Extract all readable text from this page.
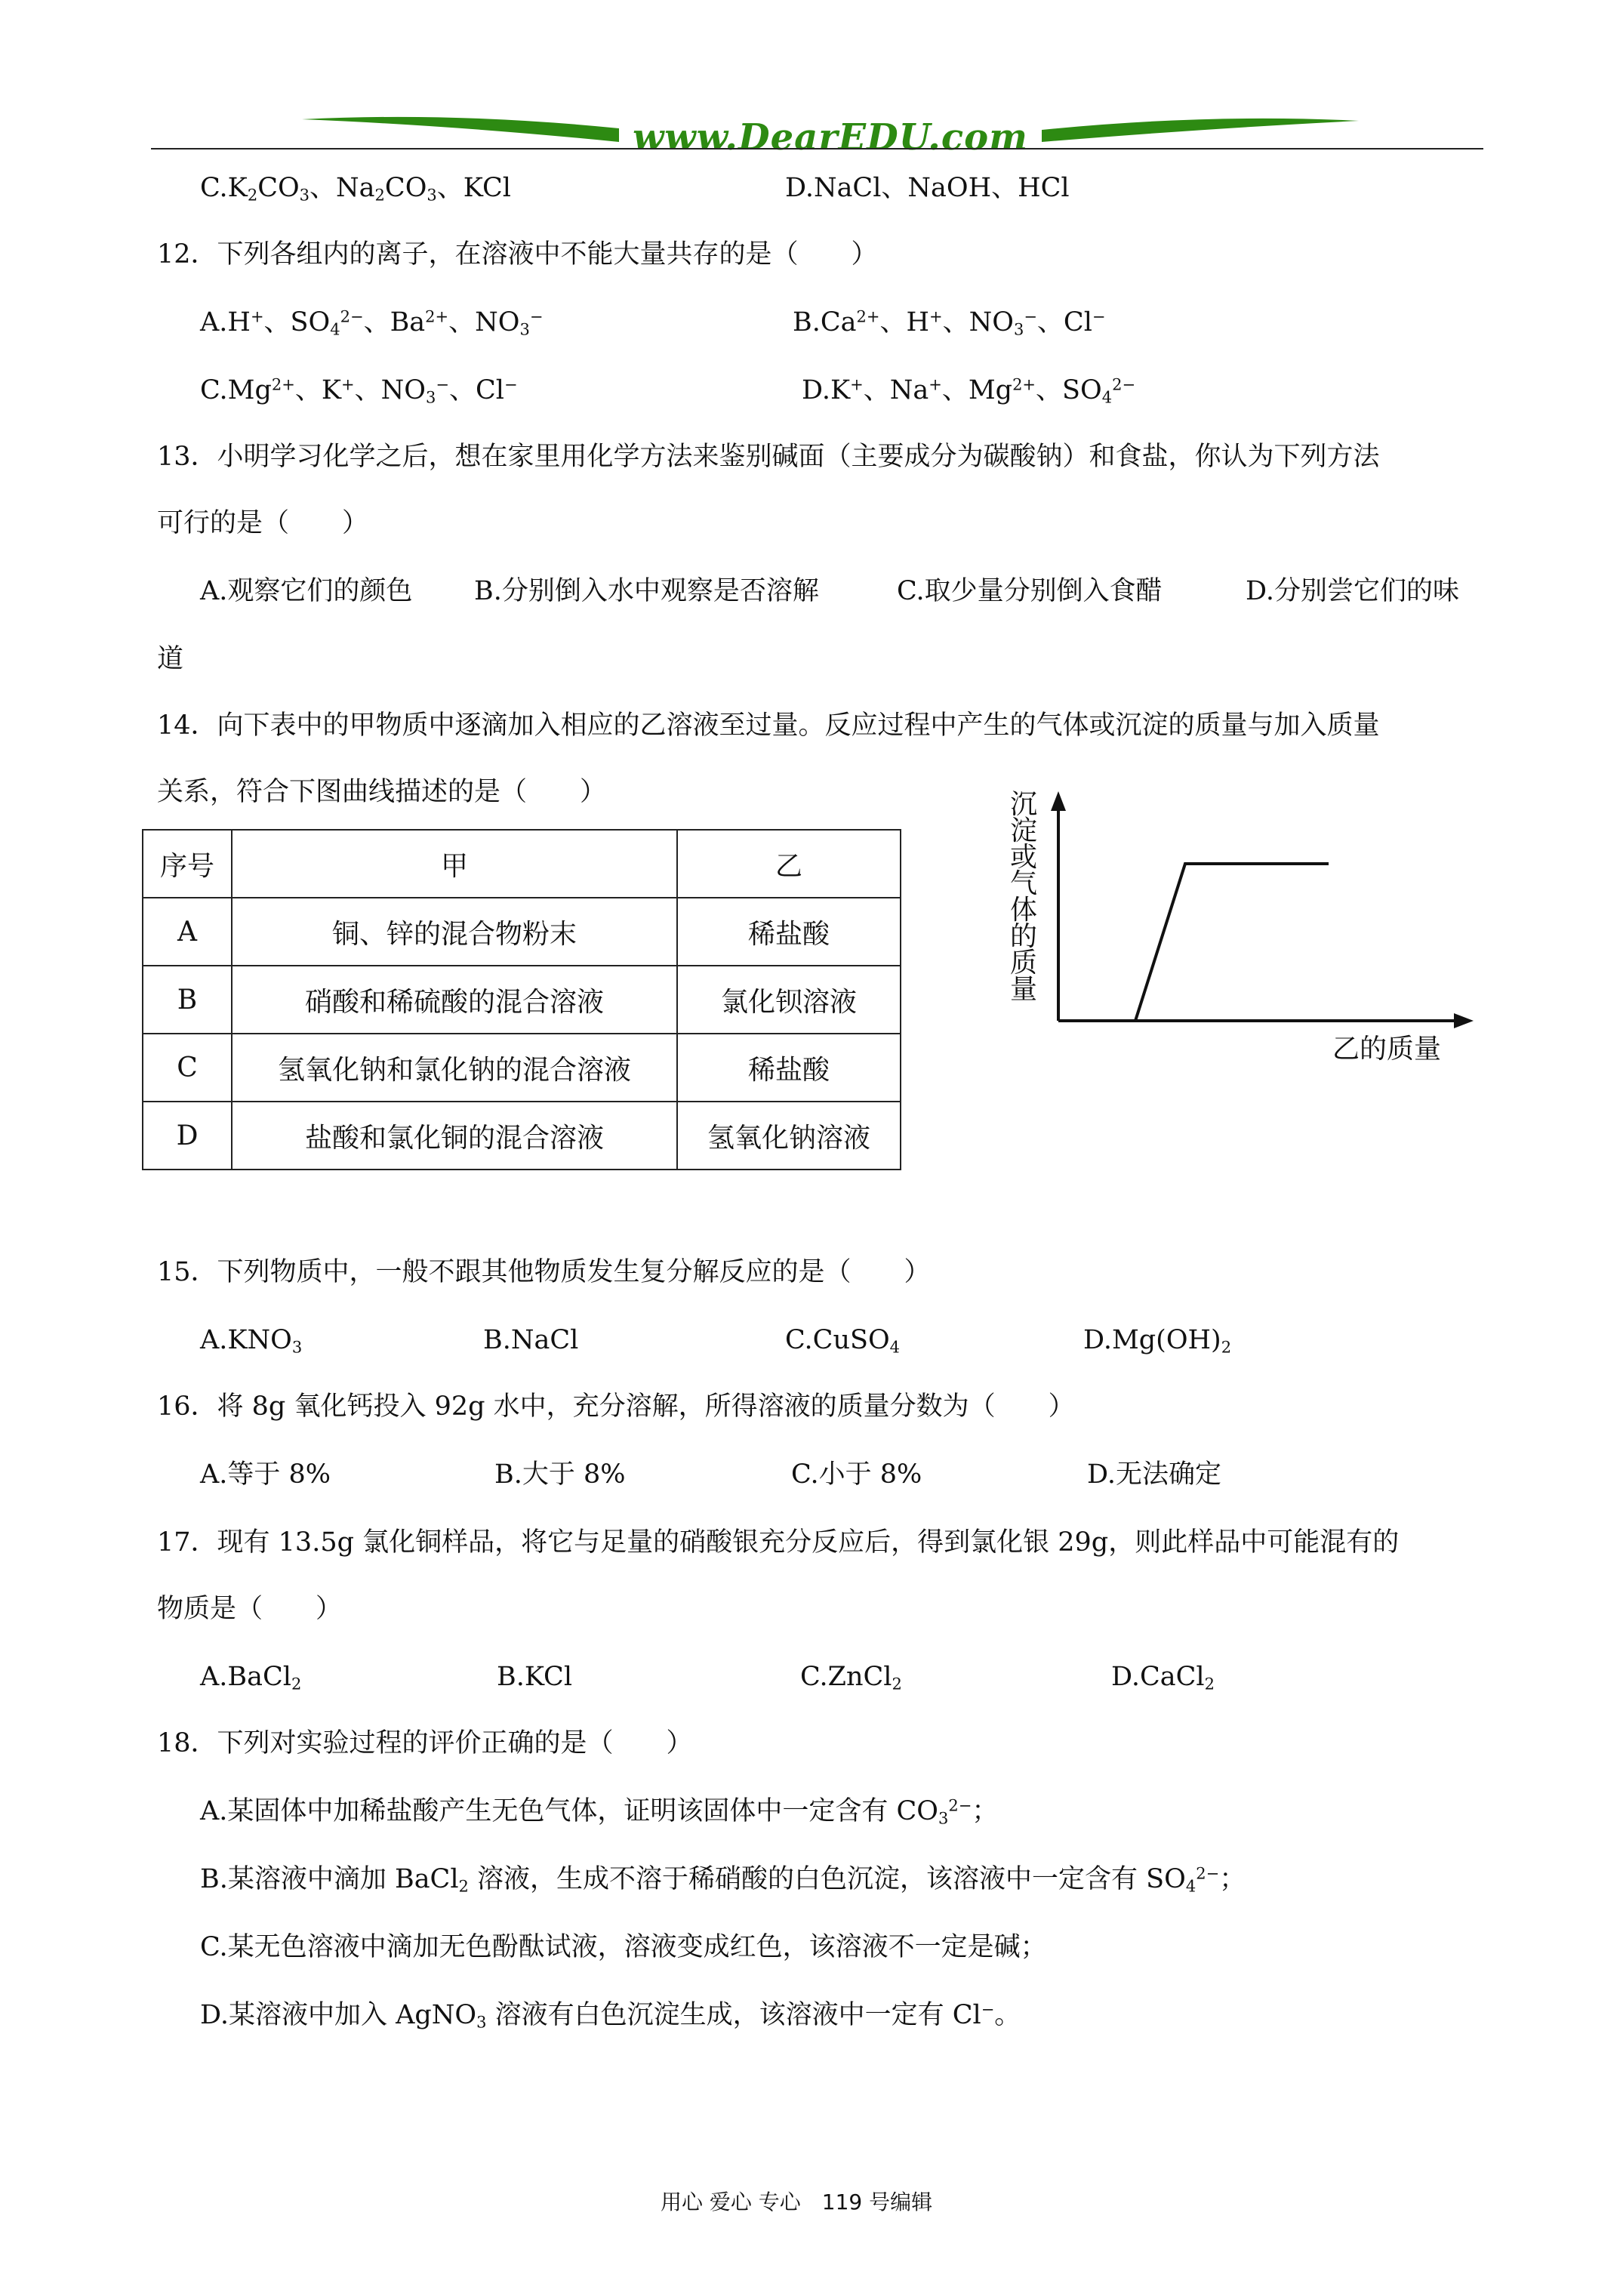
www.DearEDU.com
$C.K_2CO_3$、$Na_2CO_3$、KCl	D.NaCl、NaOH、HCl
12．下列各组内的离子，在溶液中不能大量共存的是（　　）
A.H+、$SO_4^{2-}$、$Ba^{2+}$、$NO_3^-$	$B.Ca^{2+}$、H+、$NO_3^-$、Cl−
$C.Mg^{2+}$、K+、$NO_3^-$、Cl−	D.K+、Na+、$Mg^{2+}$、$SO_4^{2-}$
13．小明学习化学之后，想在家里用化学方法来鉴别碱面（主要成分为碳酸钠）和食盐，你认为下列方法
可行的是（　　）
A.观察它们的颜色 B.分别倒入水中观察是否溶解	C.取少量分别倒入食醋	D.分别尝它们的味
道
14．向下表中的甲物质中逐滴加入相应的乙溶液至过量。反应过程中产生的气体或沉淀的质量与加入质量
关系，符合下图曲线描述的是（　　）
序号	甲	乙
A	铜、锌的混合物粉末	稀盐酸
B	硝酸和稀硫酸的混合溶液	氯化钡溶液
C	氢氧化钠和氯化钠的混合溶液	稀盐酸
D	盐酸和氯化铜的混合溶液	氢氧化钠溶液
沉
淀
或
气
体
的
质
量
乙的质量
15．下列物质中，一般不跟其他物质发生复分解反应的是（　　）
$A.KNO_3$	B.NaCl	C.CuSO$_4$	$D.Mg(OH)_2$
16．将 8g 氧化钙投入 92g 水中，充分溶解，所得溶液的质量分数为（　　）
A.等于 8%	B.大于 8%	C.小于 8%	D.无法确定
17．现有 13.5g 氯化铜样品，将它与足量的硝酸银充分反应后，得到氯化银 29g，则此样品中可能混有的
物质是（　　）
A.BaCl$_2$	B.KCl	C.ZnCl$_2$	D.CaCl$_2$
18．下列对实验过程的评价正确的是（　　）
A.某固体中加稀盐酸产生无色气体，证明该固体中一定含有 $CO_3^{2-}$；
B.某溶液中滴加 BaCl$_2$ 溶液，生成不溶于稀硝酸的白色沉淀，该溶液中一定含有 $SO_4^{2-}$；
C.某无色溶液中滴加无色酚酞试液，溶液变成红色，该溶液不一定是碱；
D.某溶液中加入 AgNO$_3$ 溶液有白色沉淀生成，该溶液中一定有 Cl−。
用心 爱心 专心　119 号编辑
